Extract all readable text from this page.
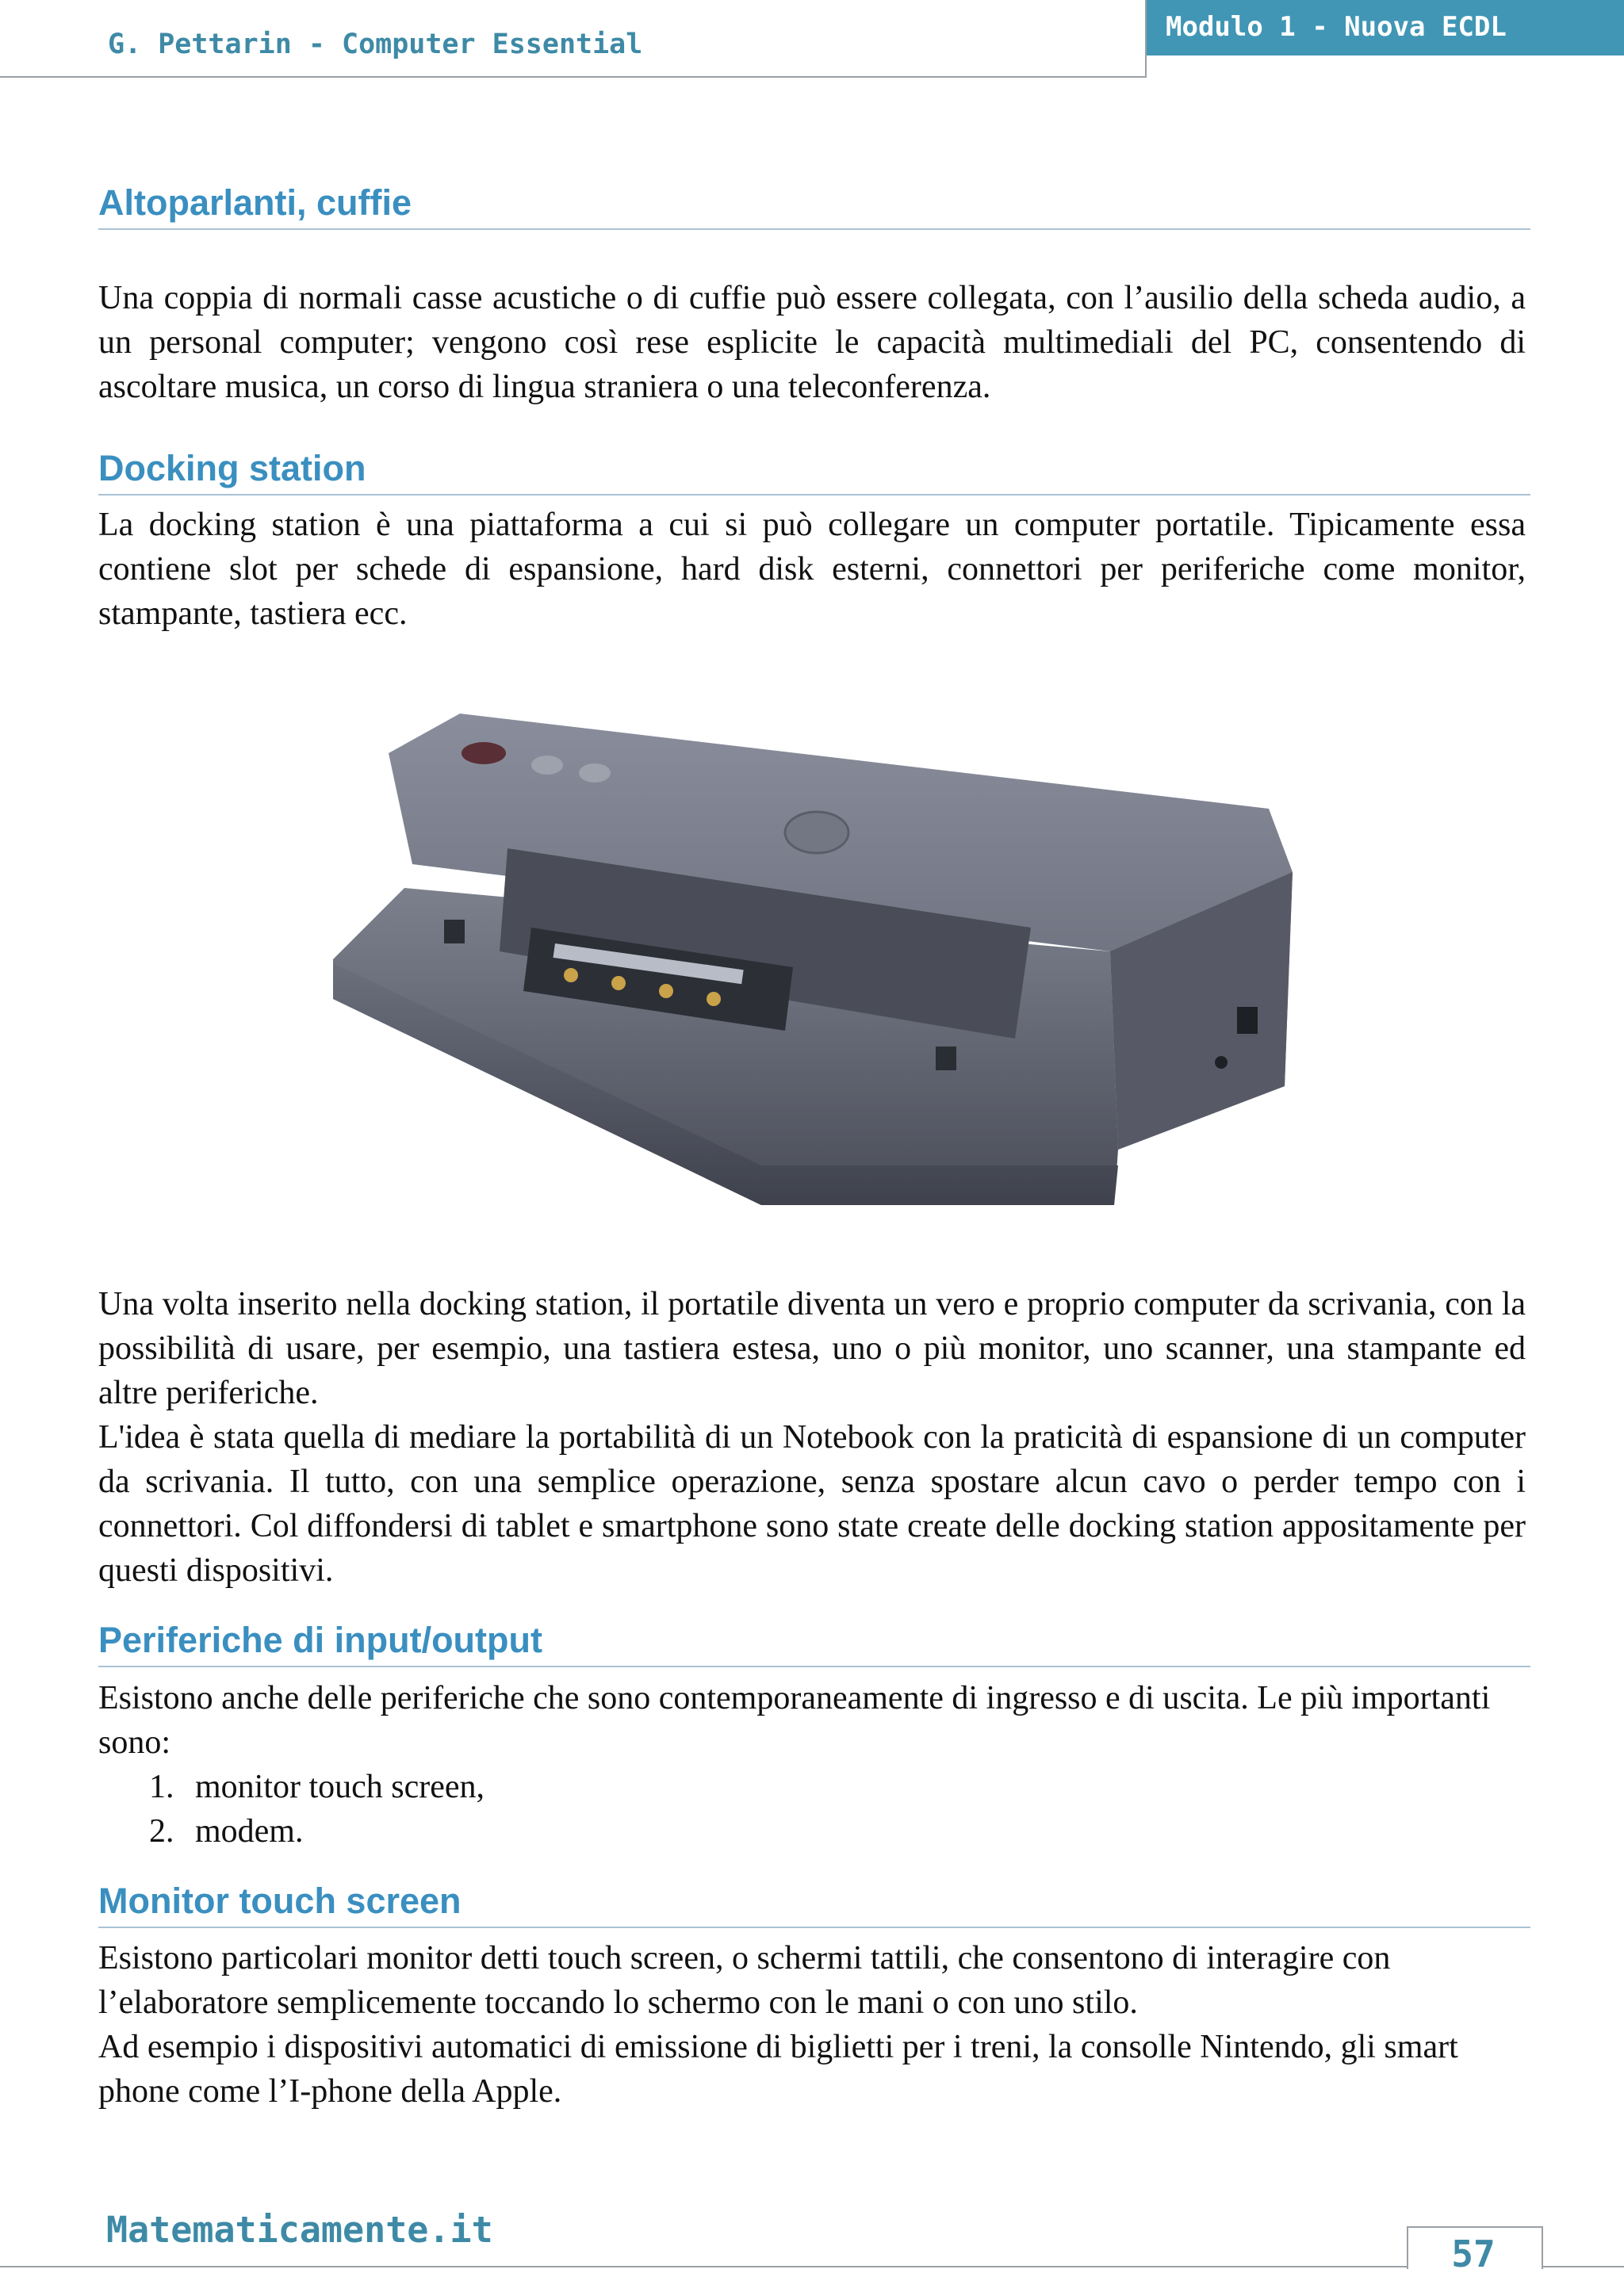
G. Pettarin - Computer Essential
Modulo 1 - Nuova ECDL
Altoparlanti, cuffie

Una coppia di normali casse acustiche o di cuffie può essere collegata, con l’ausilio della scheda audio, a un personal computer; vengono così rese esplicite le capacità multimediali del PC, consentendo di ascoltare musica, un corso di lingua straniera o una teleconferenza.

Docking station

La docking station è una piattaforma a cui si può collegare un computer portatile. Tipicamente essa contiene slot per schede di espansione, hard disk esterni, connettori per periferiche come monitor, stampante, tastiera ecc.

Una volta inserito nella docking station, il portatile diventa un vero e proprio computer da scrivania, con la possibilità di usare, per esempio, una tastiera estesa, uno o più monitor, uno scanner, una stampante ed altre periferiche.

L'idea è stata quella di mediare la portabilità di un Notebook con la praticità di espansione di un computer da scrivania. Il tutto, con una semplice operazione, senza spostare alcun cavo o perder tempo con i connettori. Col diffondersi di tablet e smartphone sono state create delle docking station appositamente per questi dispositivi.

Periferiche di input/output

Esistono anche delle periferiche che sono contemporaneamente di ingresso e di uscita. Le più importanti sono:

1. monitor touch screen,
2. modem.
Monitor touch screen

Esistono particolari monitor detti touch screen, o schermi tattili, che consentono di interagire con l’elaboratore semplicemente toccando lo schermo con le mani o con uno stilo.

Ad esempio i dispositivi automatici di emissione di biglietti per i treni, la consolle Nintendo, gli smart phone come l’I-phone della Apple.

Matematicamente.it
57
